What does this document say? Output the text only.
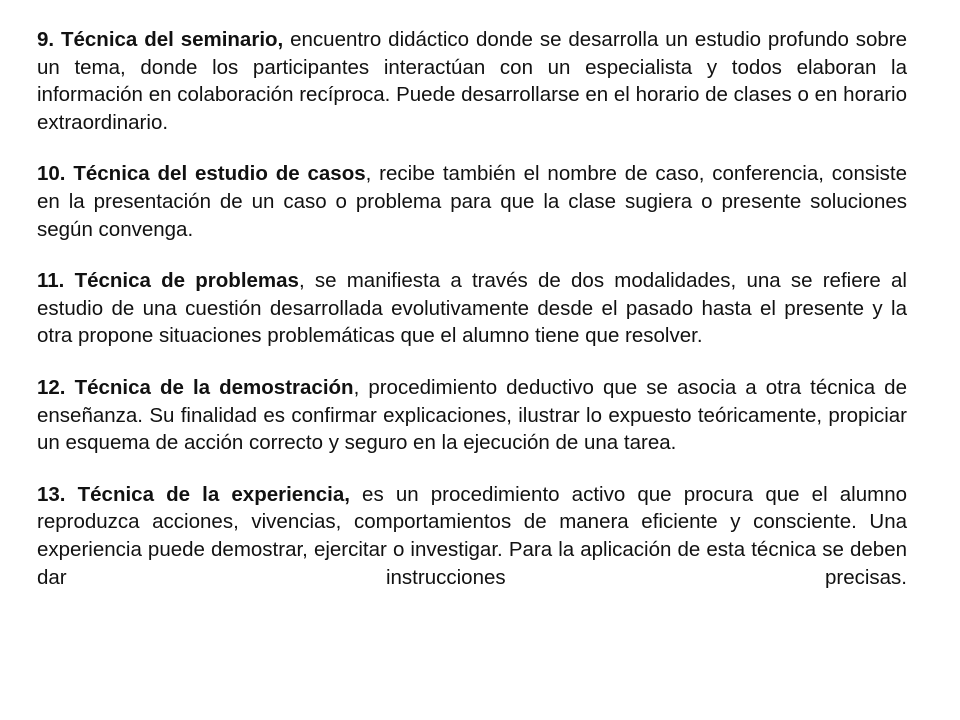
9. Técnica del seminario, encuentro didáctico donde se desarrolla un estudio profundo sobre un tema, donde los participantes interactúan con un especialista y todos elaboran la información en colaboración recíproca. Puede desarrollarse en el horario de clases o en horario extraordinario.

10. Técnica del estudio de casos, recibe también el nombre de caso, conferencia, consiste en la presentación de un caso o problema para que la clase sugiera o presente soluciones según convenga.

11. Técnica de problemas, se manifiesta a través de dos modalidades, una se refiere al estudio de una cuestión desarrollada evolutivamente desde el pasado hasta el presente y la otra propone situaciones problemáticas que el alumno tiene que resolver.

12. Técnica de la demostración, procedimiento deductivo que se asocia a otra técnica de enseñanza. Su finalidad es confirmar explicaciones, ilustrar lo expuesto teóricamente, propiciar un esquema de acción correcto y seguro en la ejecución de una tarea.

13. Técnica de la experiencia, es un procedimiento activo que procura que el alumno reproduzca acciones, vivencias, comportamientos de manera eficiente y consciente. Una experiencia puede demostrar, ejercitar o investigar. Para la aplicación de esta técnica se deben dar instrucciones precisas.
